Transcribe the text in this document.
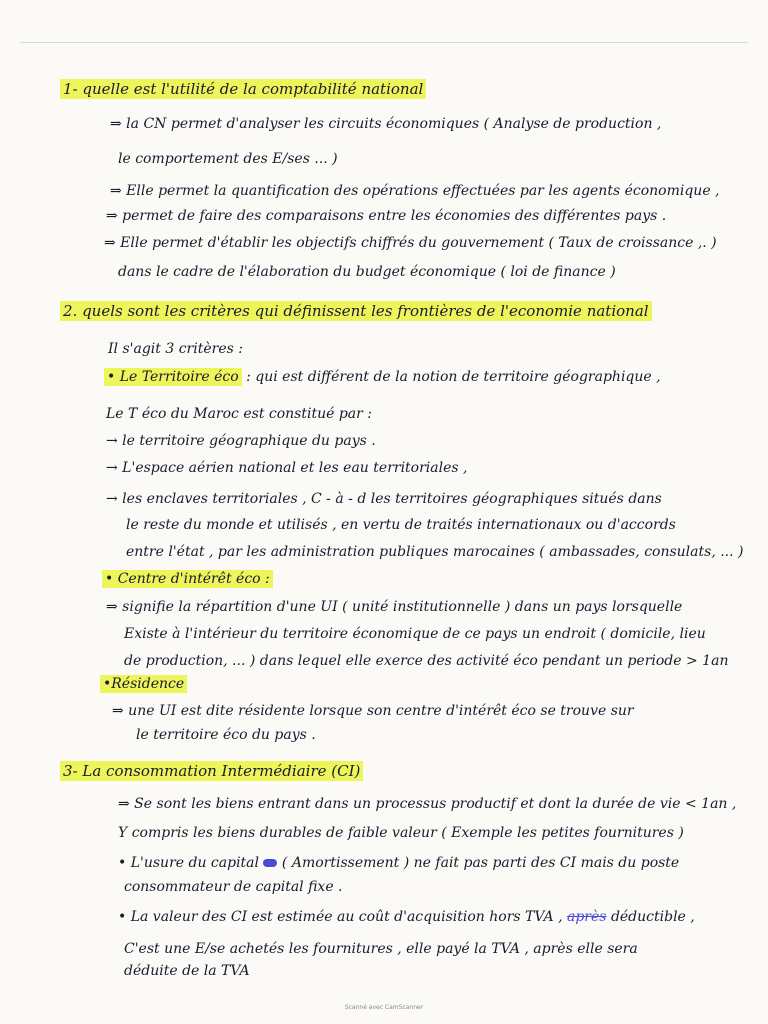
1- quelle est l'utilité de la comptabilité national
⇒ la CN permet d'analyser les circuits économiques ( Analyse de production ,
le comportement des E/ses ... )
⇒ Elle permet la quantification des opérations effectuées par les agents économique ,
⇒ permet de faire des comparaisons entre les économies des différentes pays .
⇒ Elle permet d'établir les objectifs chiffrés du gouvernement ( Taux de croissance ,. )
dans le cadre de l'élaboration du budget économique ( loi de finance )
2. quels sont les critères qui définissent les frontières de l'economie national
Il s'agit 3 critères :
• Le Territoire éco : qui est différent de la notion de territoire géographique ,
Le T éco du Maroc est constitué par :
→ le territoire géographique du pays .
→ L'espace aérien national et les eau territoriales ,
→ les enclaves territoriales , C - à - d les territoires géographiques situés dans
le reste du monde et utilisés , en vertu de traités internationaux ou d'accords
entre l'état , par les administration publiques marocaines ( ambassades, consulats, ... )
• Centre d'intérêt éco :
⇒ signifie la répartition d'une UI ( unité institutionnelle ) dans un pays lorsquelle
Existe à l'intérieur du territoire économique de ce pays un endroit ( domicile, lieu
de production, ... ) dans lequel elle exerce des activité éco pendant un periode > 1an
•Résidence
⇒ une UI est dite résidente lorsque son centre d'intérêt éco se trouve sur
le territoire éco du pays .
3- La consommation Intermédiaire (CI)
⇒ Se sont les biens entrant dans un processus productif et dont la durée de vie < 1an ,
Y compris les biens durables de faible valeur ( Exemple les petites fournitures )
• L'usure du capital ( Amortissement ) ne fait pas parti des CI mais du poste
consommateur de capital fixe .
• La valeur des CI est estimée au coût d'acquisition hors TVA , après déductible ,
C'est une E/se achetés les fournitures , elle payé la TVA , après elle sera
déduite de la TVA
Scanné avec CamScanner
